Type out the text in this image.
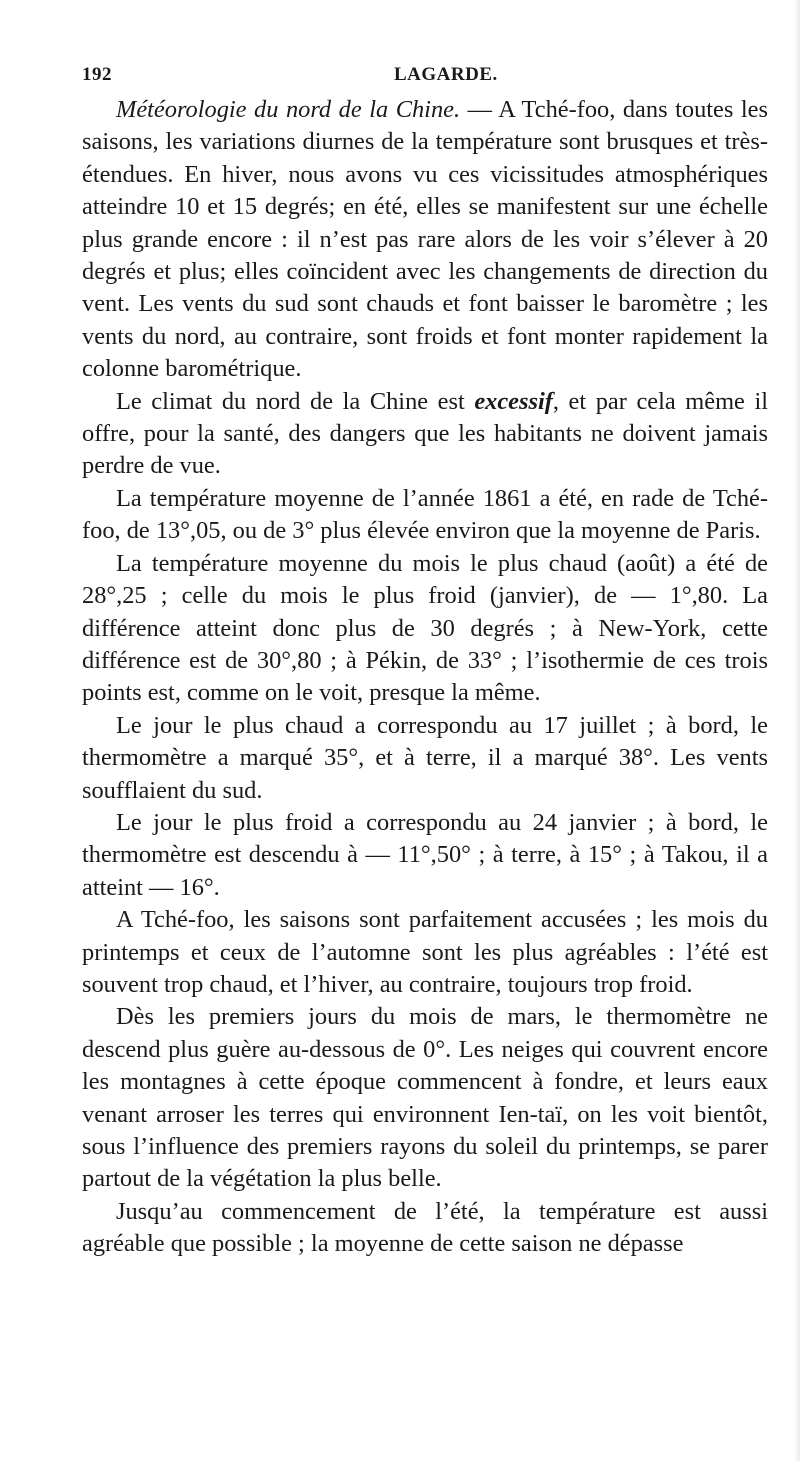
192	LAGARDE.

Météorologie du nord de la Chine. — A Tché-foo, dans toutes les saisons, les variations diurnes de la température sont brusques et très-étendues. En hiver, nous avons vu ces vicissitudes atmosphériques atteindre 10 et 15 degrés; en été, elles se manifestent sur une échelle plus grande encore : il n’est pas rare alors de les voir s’élever à 20 degrés et plus; elles coïncident avec les changements de direction du vent. Les vents du sud sont chauds et font baisser le baromètre ; les vents du nord, au contraire, sont froids et font monter rapidement la colonne barométrique.

Le climat du nord de la Chine est excessif, et par cela même il offre, pour la santé, des dangers que les habitants ne doivent jamais perdre de vue.

La température moyenne de l’année 1861 a été, en rade de Tché-foo, de 13°,05, ou de 3° plus élevée environ que la moyenne de Paris.

La température moyenne du mois le plus chaud (août) a été de 28°,25 ; celle du mois le plus froid (janvier), de — 1°,80. La différence atteint donc plus de 30 degrés ; à New-York, cette différence est de 30°,80 ; à Pékin, de 33° ; l’isothermie de ces trois points est, comme on le voit, presque la même.

Le jour le plus chaud a correspondu au 17 juillet ; à bord, le thermomètre a marqué 35°, et à terre, il a marqué 38°. Les vents soufflaient du sud.

Le jour le plus froid a correspondu au 24 janvier ; à bord, le thermomètre est descendu à — 11°,50° ; à terre, à 15° ; à Takou, il a atteint — 16°.

A Tché-foo, les saisons sont parfaitement accusées ; les mois du printemps et ceux de l’automne sont les plus agréables : l’été est souvent trop chaud, et l’hiver, au contraire, toujours trop froid.

Dès les premiers jours du mois de mars, le thermomètre ne descend plus guère au-dessous de 0°. Les neiges qui couvrent encore les montagnes à cette époque commencent à fondre, et leurs eaux venant arroser les terres qui environnent Ien-taï, on les voit bientôt, sous l’influence des premiers rayons du soleil du printemps, se parer partout de la végétation la plus belle.

Jusqu’au commencement de l’été, la température est aussi agréable que possible ; la moyenne de cette saison ne dépasse
